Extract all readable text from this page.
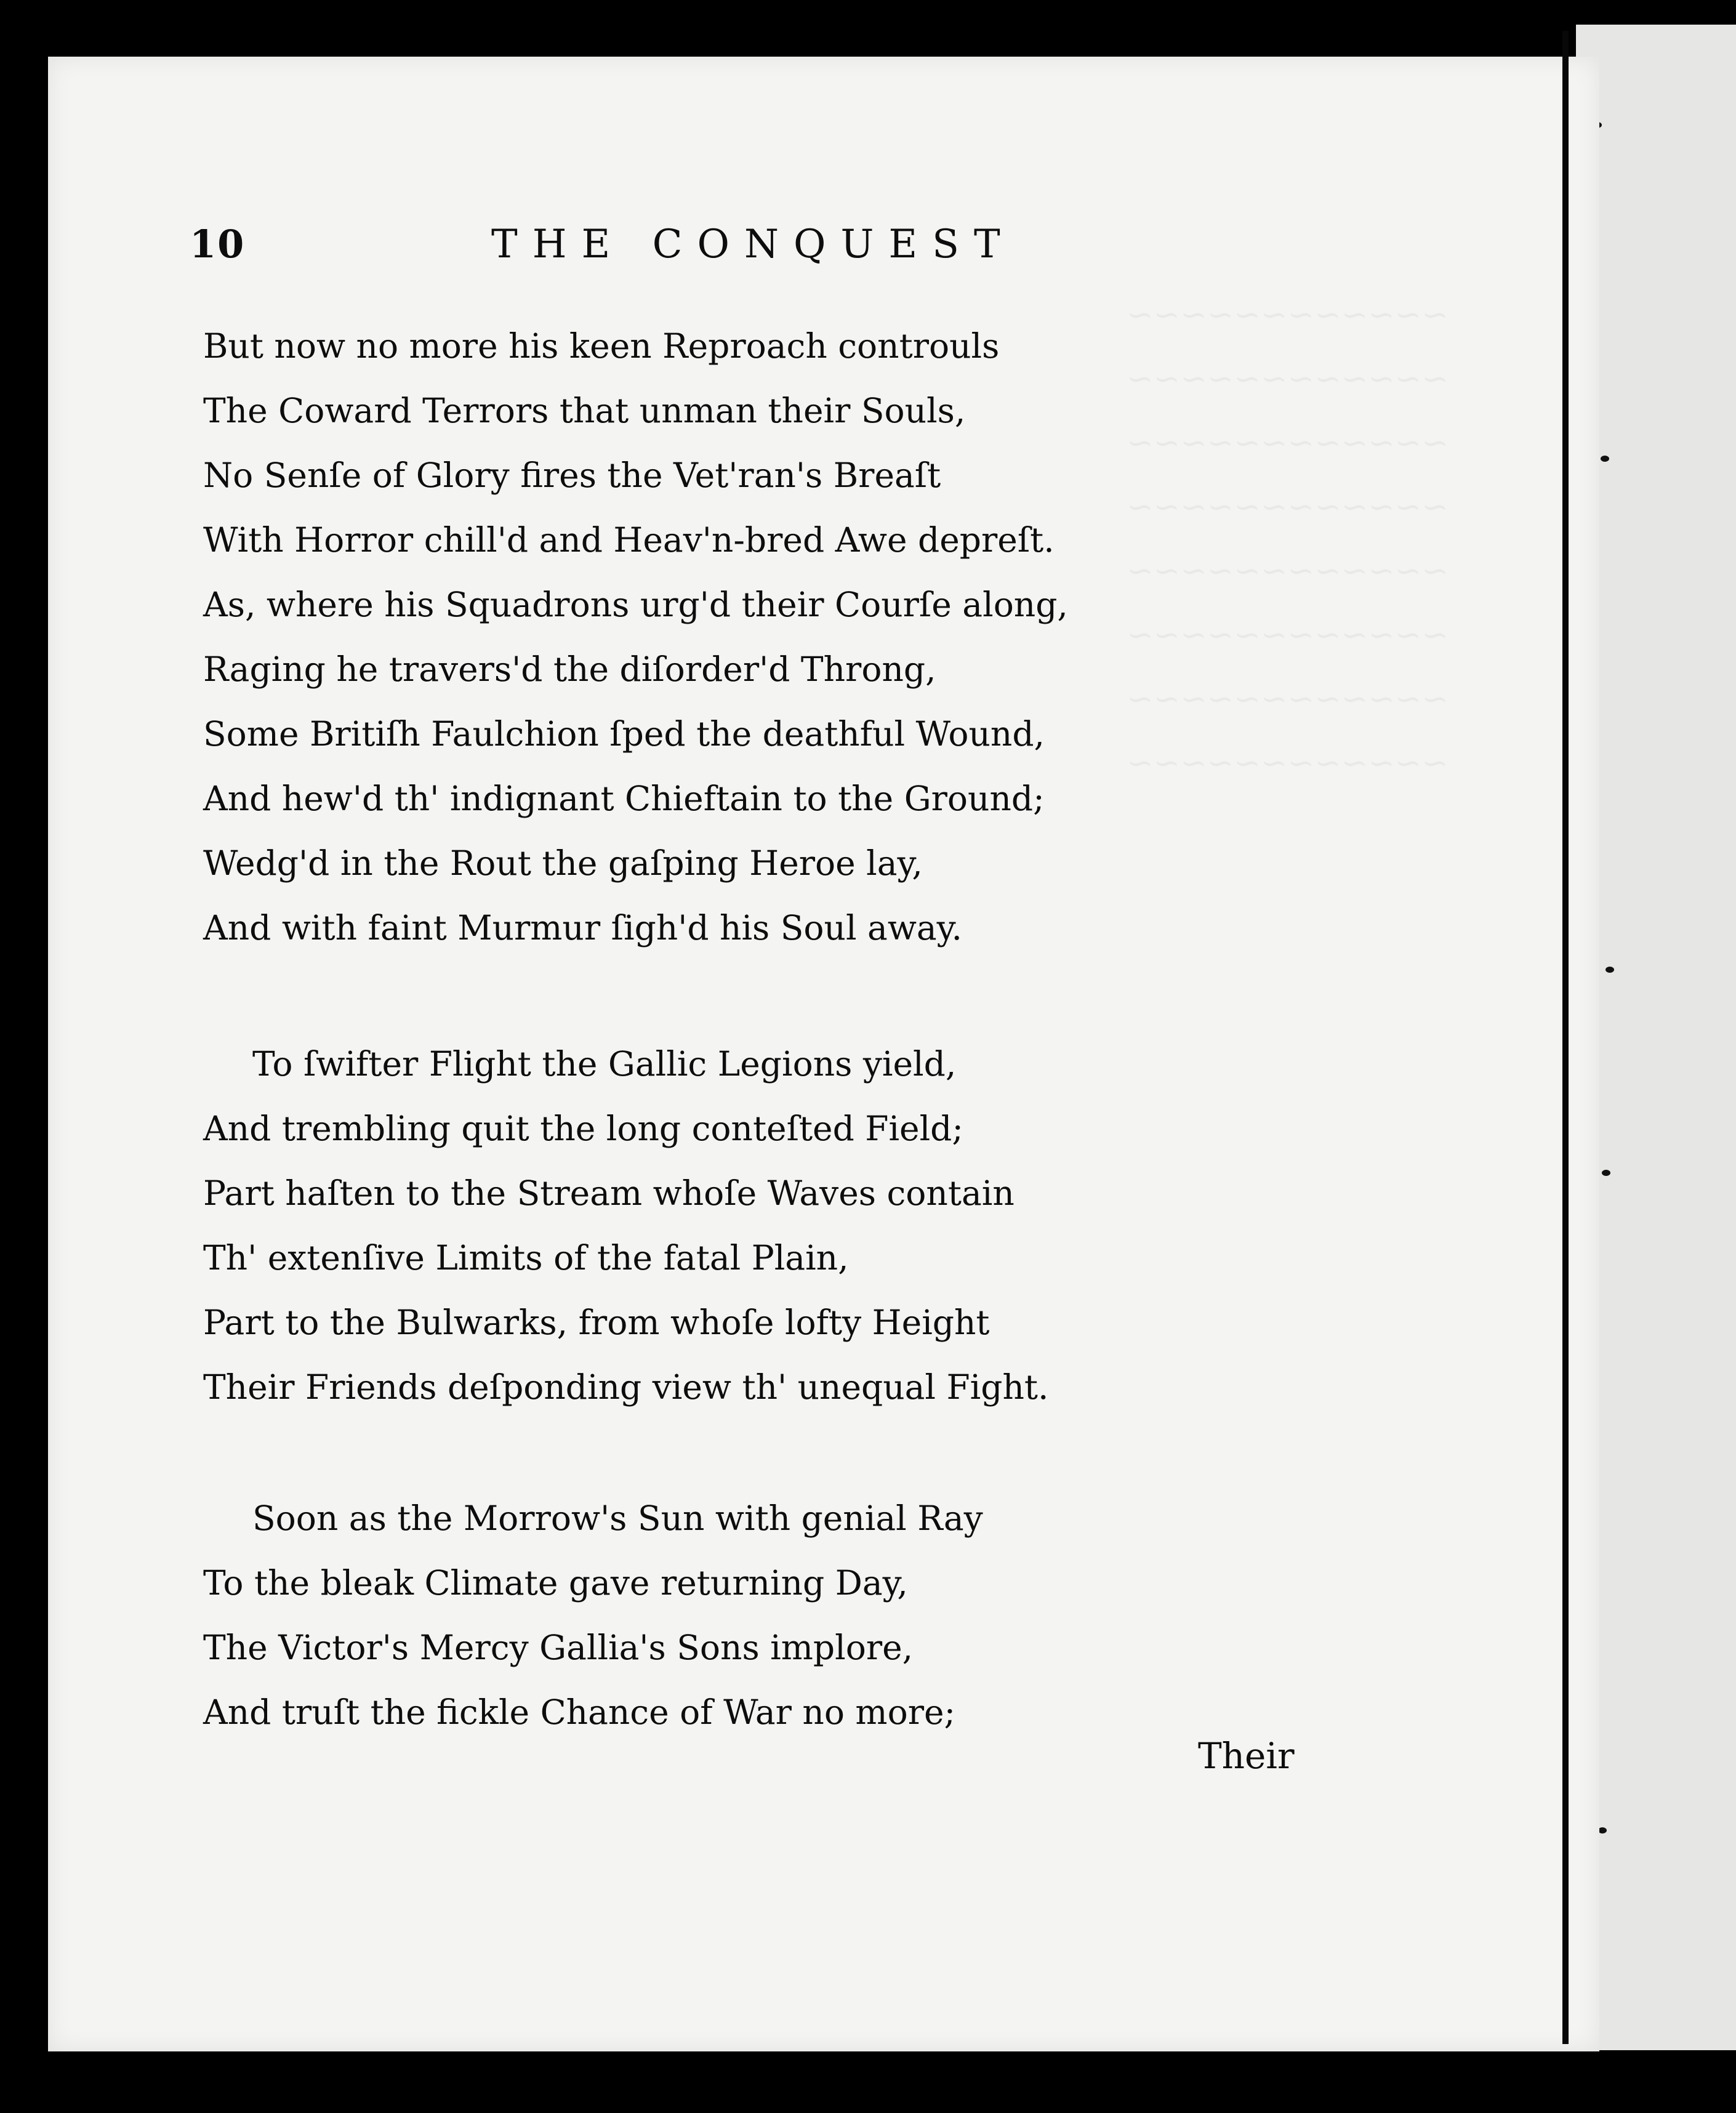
10	THE CONQUEST
But now no more his keen Reproach controuls
The Coward Terrors that unman their Souls,
No Senſe of Glory fires the Vet'ran's Breaſt
With Horror chill'd and Heav'n-bred Awe depreſt.
As, where his Squadrons urg'd their Courſe along,
Raging he travers'd the diſorder'd Throng,
Some Britiſh Faulchion ſped the deathful Wound,
And hew'd th' indignant Chieftain to the Ground;
Wedg'd in the Rout the gaſping Heroe lay,
And with faint Murmur ſigh'd his Soul away.
To ſwifter Flight the Gallic Legions yield,
And trembling quit the long conteſted Field;
Part haſten to the Stream whoſe Waves contain
Th' extenſive Limits of the fatal Plain,
Part to the Bulwarks, from whoſe lofty Height
Their Friends deſponding view th' unequal Fight.
Soon as the Morrow's Sun with genial Ray
To the bleak Climate gave returning Day,
The Victor's Mercy Gallia's Sons implore,
And truſt the fickle Chance of War no more;
Their
